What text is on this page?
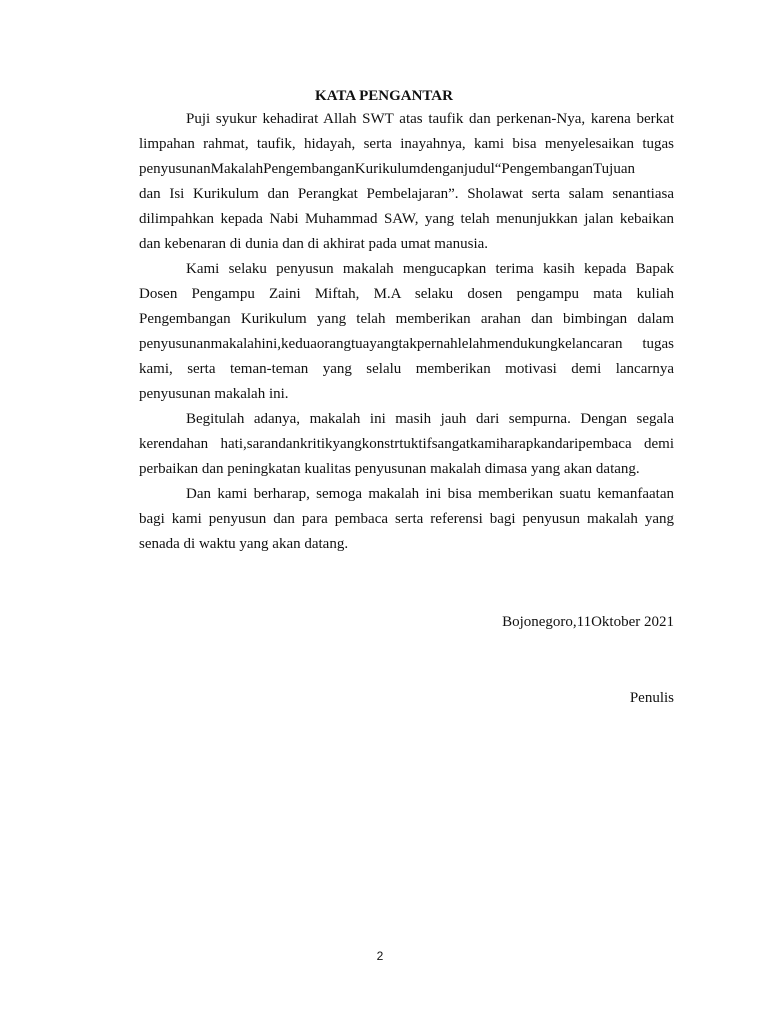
KATA PENGANTAR

Puji syukur kehadirat Allah SWT atas taufik dan perkenan-Nya, karena berkat
limpahan rahmat, taufik, hidayah, serta inayahnya, kami bisa menyelesaikan tugas
penyusunanMakalahPengembanganKurikulumdenganjudul“PengembanganTujuan
dan Isi Kurikulum dan Perangkat Pembelajaran”. Sholawat serta salam senantiasa
dilimpahkan kepada Nabi Muhammad SAW, yang telah menunjukkan jalan kebaikan
dan kebenaran di dunia dan di akhirat pada umat manusia.

Kami selaku penyusun makalah mengucapkan terima kasih kepada Bapak
Dosen Pengampu Zaini Miftah, M.A selaku dosen pengampu mata kuliah
Pengembangan Kurikulum yang telah memberikan arahan dan bimbingan dalam
penyusunanmakalahini,keduaorangtuayangtakpernahlelahmendukungkelancaran tugas
kami, serta teman-teman yang selalu memberikan motivasi demi lancarnya
penyusunan makalah ini.

Begitulah adanya, makalah ini masih jauh dari sempurna. Dengan segala
kerendahan hati,sarandankritikyangkonstrtuktifsangatkamiharapkandaripembaca demi
perbaikan dan peningkatan kualitas penyusunan makalah dimasa yang akan datang.

Dan kami berharap, semoga makalah ini bisa memberikan suatu kemanfaatan
bagi kami penyusun dan para pembaca serta referensi bagi penyusun makalah yang
senada di waktu yang akan datang.

Bojonegoro,11Oktober 2021
Penulis
2
